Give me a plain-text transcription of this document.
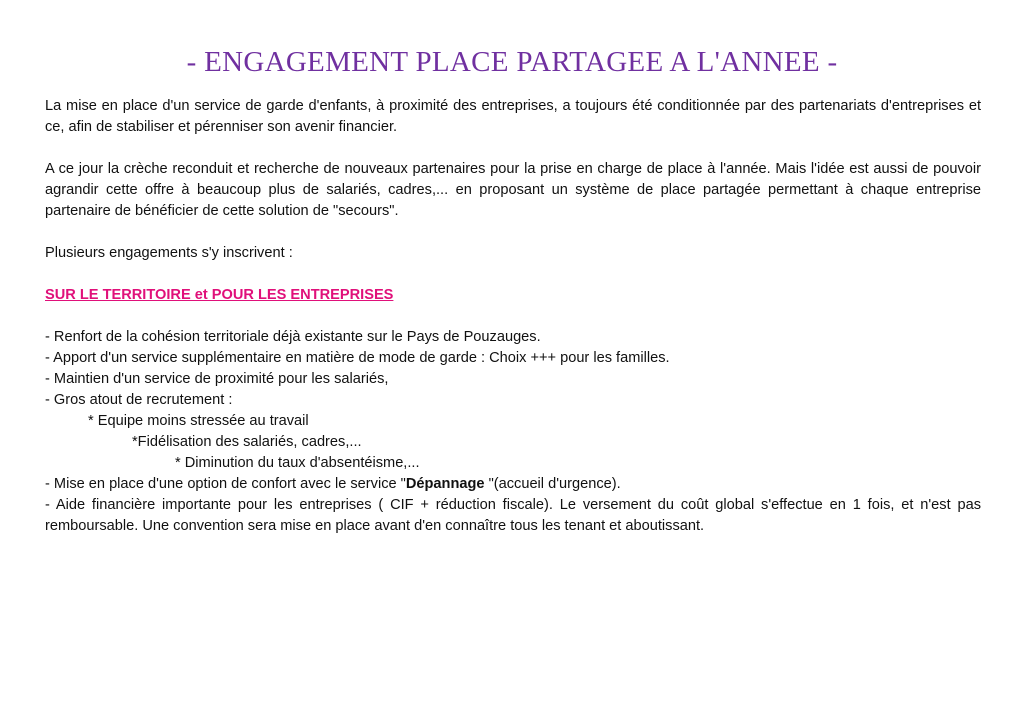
- ENGAGEMENT PLACE PARTAGEE A L'ANNEE -

La mise en place d'un service de garde d'enfants, à proximité des entreprises, a toujours été conditionnée par des partenariats d'entreprises et ce, afin de stabiliser et pérenniser son avenir financier.

A ce jour la crèche reconduit et recherche de nouveaux partenaires pour la prise en charge de place à l'année. Mais l'idée est aussi de pouvoir agrandir cette offre à beaucoup plus de salariés, cadres,... en proposant un système de place partagée permettant à chaque entreprise partenaire de bénéficier de cette solution de "secours".

Plusieurs engagements s'y inscrivent :

SUR LE TERRITOIRE et POUR LES ENTREPRISES

- Renfort de la cohésion territoriale déjà existante sur le Pays de Pouzauges.

- Apport d'un service supplémentaire en matière de mode de garde : Choix +++ pour les familles.

- Maintien d'un service de proximité pour les salariés,

- Gros atout de recrutement :

* Equipe moins stressée au travail

*Fidélisation des salariés, cadres,...

* Diminution du taux d'absentéisme,...

- Mise en place d'une option de confort avec le service "Dépannage "(accueil d'urgence).

- Aide financière importante pour les entreprises ( CIF + réduction fiscale). Le versement du coût global s'effectue en 1 fois, et n'est pas remboursable. Une convention sera mise en place avant d'en connaître tous les tenant et aboutissant.
